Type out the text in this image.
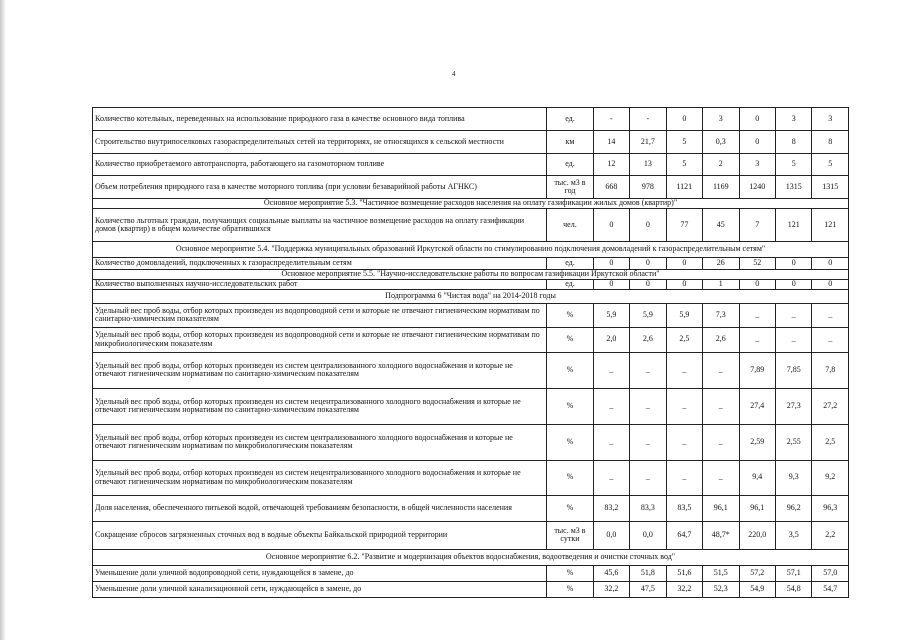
4
Количество котельных, переведенных на использование природного газа в качестве основного вида топлива	ед.	-	-	0	3	0	3	3
Строительство внутрипоселковых газораспределительных сетей на территориях, не относящихся к сельской местности	км	14	21,7	5	0,3	0	8	8
Количество приобретаемого автотранспорта, работающего на газомоторном топливе	ед.	12	13	5	2	3	5	5
Объем потребления природного газа в качестве моторного топлива (при условии безаварийной работы АГНКС)	тыс. м3 в год	668	978	1121	1169	1240	1315	1315
Основное мероприятие 5.3. "Частичное возмещение расходов населения на оплату газификации жилых домов (квартир)"								
Количество льготных граждан, получающих социальные выплаты на частичное возмещение расходов на оплату газификации домов (квартир) в общем количестве обратившихся	чел.	0	0	77	45	7	121	121
Основное мероприятие 5.4. "Поддержка муниципальных образований Иркутской области по стимулированию подключения домовладений к газораспределительным сетям"								
Количество домовладений, подключенных к газораспределительным сетям	ед.	0	0	0	26	52	0	0
Основное мероприятие 5.5. "Научно-исследовательские работы по вопросам газификации Иркутской области"								
Количество выполненных научно-исследовательских работ	ед.	0	0	0	1	0	0	0
Подпрограмма 6 "Чистая вода" на 2014-2018 годы								
Удельный вес проб воды, отбор которых произведен из водопроводной сети и которые не отвечают гигиеническим нормативам по санитарно-химическим показателям	%	5,9	5,9	5,9	7,3	_	_	_
Удельный вес проб воды, отбор которых произведен из водопроводной сети и которые не отвечают гигиеническим нормативам по микробиологическим показателям	%	2,0	2,6	2,5	2,6	_	_	_
Удельный вес проб воды, отбор которых произведен из систем централизованного холодного водоснабжения и которые не отвечают гигиеническим нормативам по санитарно-химическим показателям	%	_	_	_	_	7,89	7,85	7,8
Удельный вес проб воды, отбор которых произведен из систем нецентрализованного холодного водоснабжения и которые не отвечают гигиеническим нормативам по санитарно-химическим показателям	%	_	_	_	_	27,4	27,3	27,2
Удельный вес проб воды, отбор которых произведен из систем централизованного холодного водоснабжения и которые не отвечают гигиеническим нормативам по микробиологическим показателям	%	_	_	_	_	2,59	2,55	2,5
Удельный вес проб воды, отбор которых произведен из систем нецентрализованного холодного водоснабжения и которые не отвечают гигиеническим нормативам по микробиологическим показателям	%	_	_	_	_	9,4	9,3	9,2
Доля населения, обеспеченного питьевой водой, отвечающей требованиям безопасности, в общей численности населения	%	83,2	83,3	83,5	96,1	96,1	96,2	96,3
Сокращение сбросов загрязненных сточных вод в водные объекты Байкальской природной территории	тыс. м3 в сутки	0,0	0,0	64,7	48,7*	220,0	3,5	2,2
Основное мероприятие 6.2. "Развитие и модернизация объектов водоснабжения, водоотведения и очистки сточных вод"								
Уменьшение доли уличной водопроводной сети, нуждающейся в замене, до	%	45,6	51,8	51,6	51,5	57,2	57,1	57,0
Уменьшение доли уличной канализационной сети, нуждающейся в замене, до	%	32,2	47,5	32,2	52,3	54,9	54,8	54,7
